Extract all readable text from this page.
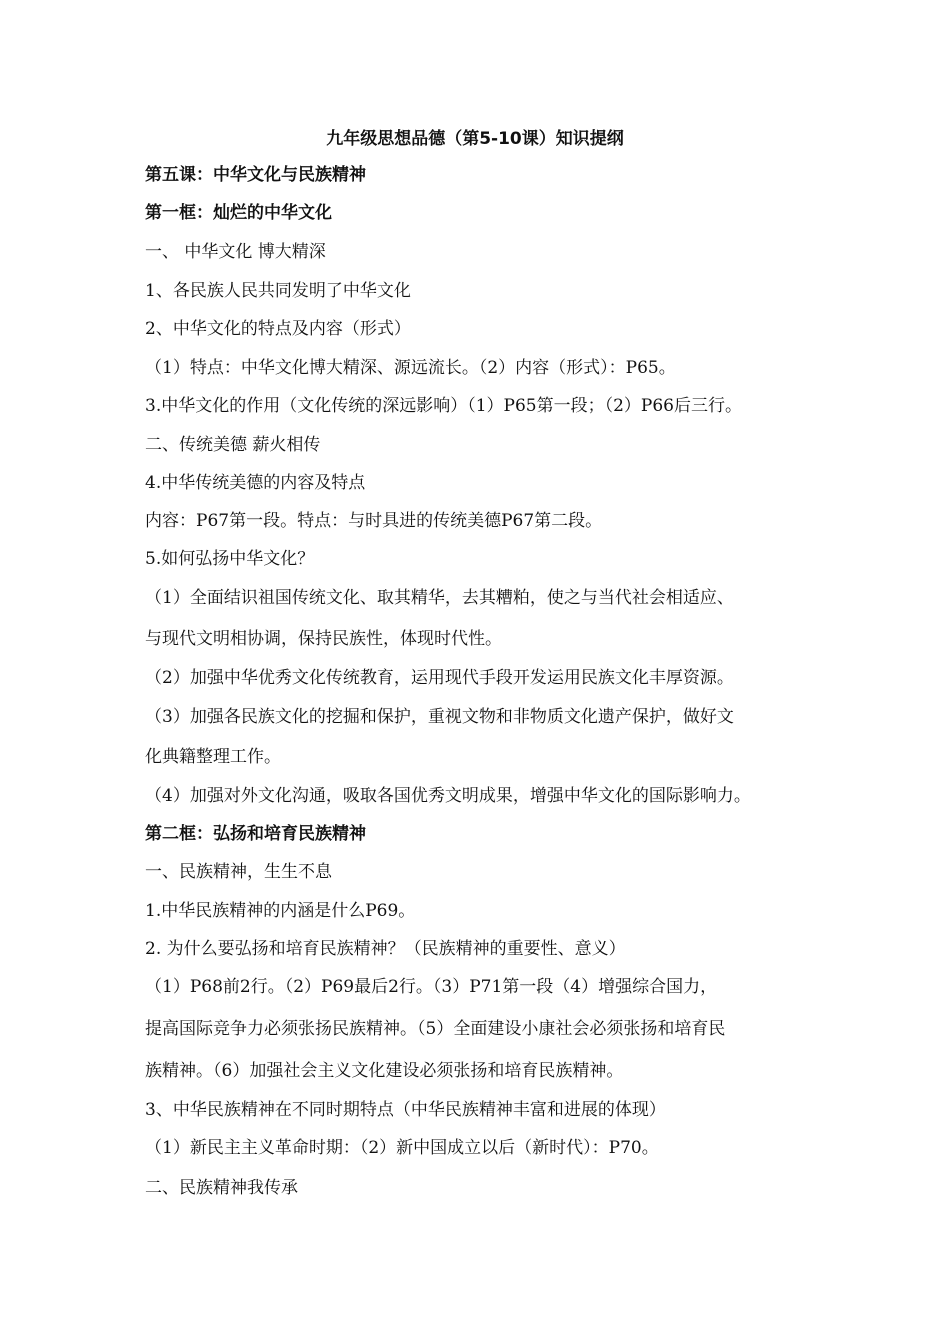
九年级思想品德（第5-10课）知识提纲
第五课：中华文化与民族精神
第一框：灿烂的中华文化
一、 中华文化 博大精深
1、各民族人民共同发明了中华文化
2、中华文化的特点及内容（形式）
（1）特点：中华文化博大精深、源远流长。（2）内容（形式）：P65。
3.中华文化的作用（文化传统的深远影响）（1）P65第一段；（2）P66后三行。
二、传统美德 薪火相传
4.中华传统美德的内容及特点
内容：P67第一段。特点：与时具进的传统美德P67第二段。
5.如何弘扬中华文化？
（1）全面结识祖国传统文化、取其精华，去其糟粕，使之与当代社会相适应、
与现代文明相协调，保持民族性，体现时代性。
（2）加强中华优秀文化传统教育，运用现代手段开发运用民族文化丰厚资源。
（3）加强各民族文化的挖掘和保护，重视文物和非物质文化遗产保护，做好文
化典籍整理工作。
（4）加强对外文化沟通，吸取各国优秀文明成果，增强中华文化的国际影响力。
第二框：弘扬和培育民族精神
一、民族精神，生生不息
1.中华民族精神的内涵是什么P69。
2. 为什么要弘扬和培育民族精神？（民族精神的重要性、意义）
（1）P68前2行。（2）P69最后2行。（3）P71第一段（4）增强综合国力，
提高国际竞争力必须张扬民族精神。（5）全面建设小康社会必须张扬和培育民
族精神。（6）加强社会主义文化建设必须张扬和培育民族精神。
3、中华民族精神在不同时期特点（中华民族精神丰富和进展的体现）
（1）新民主主义革命时期：（2）新中国成立以后（新时代）：P70。
二、民族精神我传承
